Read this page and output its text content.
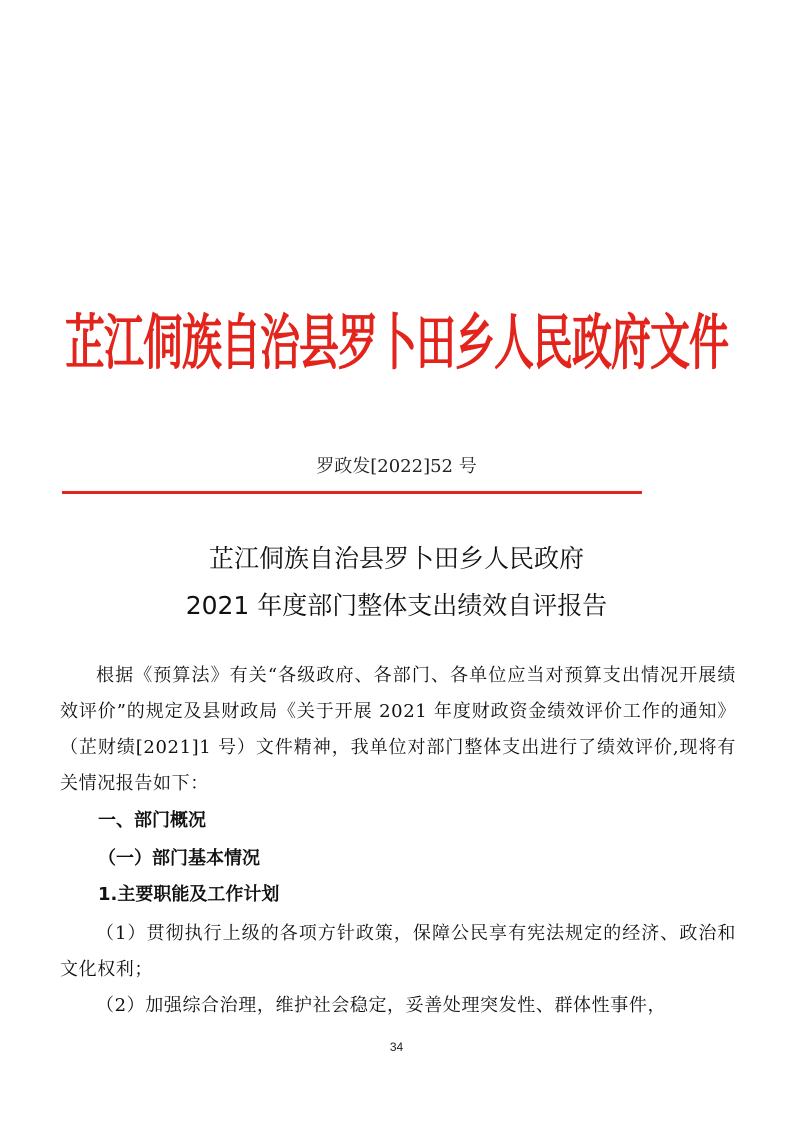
芷江侗族自治县罗卜田乡人民政府文件
罗政发[2022]52 号
芷江侗族自治县罗卜田乡人民政府
2021 年度部门整体支出绩效自评报告
根据《预算法》有关“各级政府、各部门、各单位应当对预算支出情况开展绩效评价”的规定及县财政局《关于开展 2021 年度财政资金绩效评价工作的通知》（芷财绩[2021]1 号）文件精神，我单位对部门整体支出进行了绩效评价,现将有关情况报告如下：
一、部门概况
（一）部门基本情况
1.主要职能及工作计划
（1）贯彻执行上级的各项方针政策，保障公民享有宪法规定的经济、政治和文化权利；
（2）加强综合治理，维护社会稳定，妥善处理突发性、群体性事件，
34
